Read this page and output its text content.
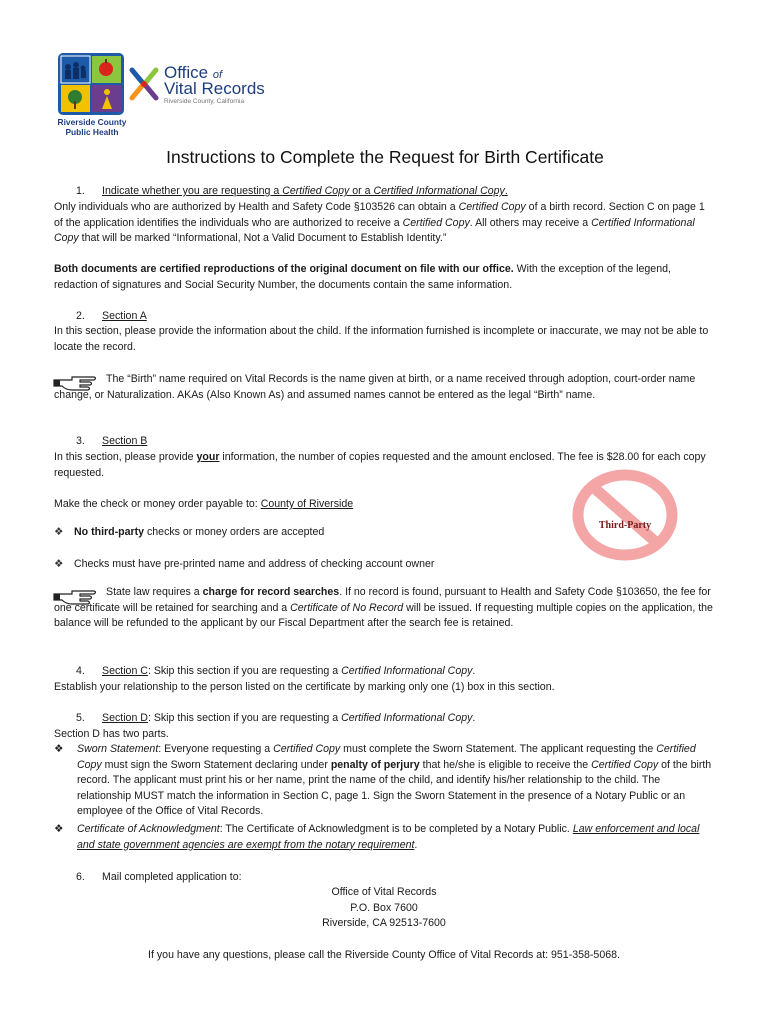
Riverside County
Public Health
Office of
Vital Records
Riverside County, California
Instructions to Complete the Request for Birth Certificate

1. Indicate whether you are requesting a Certified Copy or a Certified Informational Copy.

Only individuals who are authorized by Health and Safety Code §103526 can obtain a Certified Copy of a birth record. Section C on page 1 of the application identifies the individuals who are authorized to receive a Certified Copy. All others may receive a Certified Informational Copy that will be marked “Informational, Not a Valid Document to Establish Identity.”

Both documents are certified reproductions of the original document on file with our office. With the exception of the legend, redaction of signatures and Social Security Number, the documents contain the same information.

2. Section A

In this section, please provide the information about the child. If the information furnished is incomplete or inaccurate, we may not be able to locate the record.

The “Birth” name required on Vital Records is the name given at birth, or a name received through adoption, court-order name change, or Naturalization. AKAs (Also Known As) and assumed names cannot be entered as the legal “Birth” name.

3. Section B

In this section, please provide your information, the number of copies requested and the amount enclosed. The fee is $28.00 for each copy requested.

Make the check or money order payable to: County of Riverside

❖ No third-party checks or money orders are accepted

❖ Checks must have pre-printed name and address of checking account owner

Third-Party

State law requires a charge for record searches. If no record is found, pursuant to Health and Safety Code §103650, the fee for one certificate will be retained for searching and a Certificate of No Record will be issued. If requesting multiple copies on the application, the balance will be refunded to the applicant by our Fiscal Department after the search fee is retained.

4. Section C: Skip this section if you are requesting a Certified Informational Copy.

Establish your relationship to the person listed on the certificate by marking only one (1) box in this section.

5. Section D: Skip this section if you are requesting a Certified Informational Copy.

Section D has two parts.

❖ Sworn Statement: Everyone requesting a Certified Copy must complete the Sworn Statement. The applicant requesting the Certified Copy must sign the Sworn Statement declaring under penalty of perjury that he/she is eligible to receive the Certified Copy of the birth record. The applicant must print his or her name, print the name of the child, and identify his/her relationship to the child. The relationship MUST match the information in Section C, page 1. Sign the Sworn Statement in the presence of a Notary Public or an employee of the Office of Vital Records.

❖ Certificate of Acknowledgment: The Certificate of Acknowledgment is to be completed by a Notary Public. Law enforcement and local and state government agencies are exempt from the notary requirement.

6. Mail completed application to:

Office of Vital Records

P.O. Box 7600

Riverside, CA 92513-7600

If you have any questions, please call the Riverside County Office of Vital Records at: 951-358-5068.
